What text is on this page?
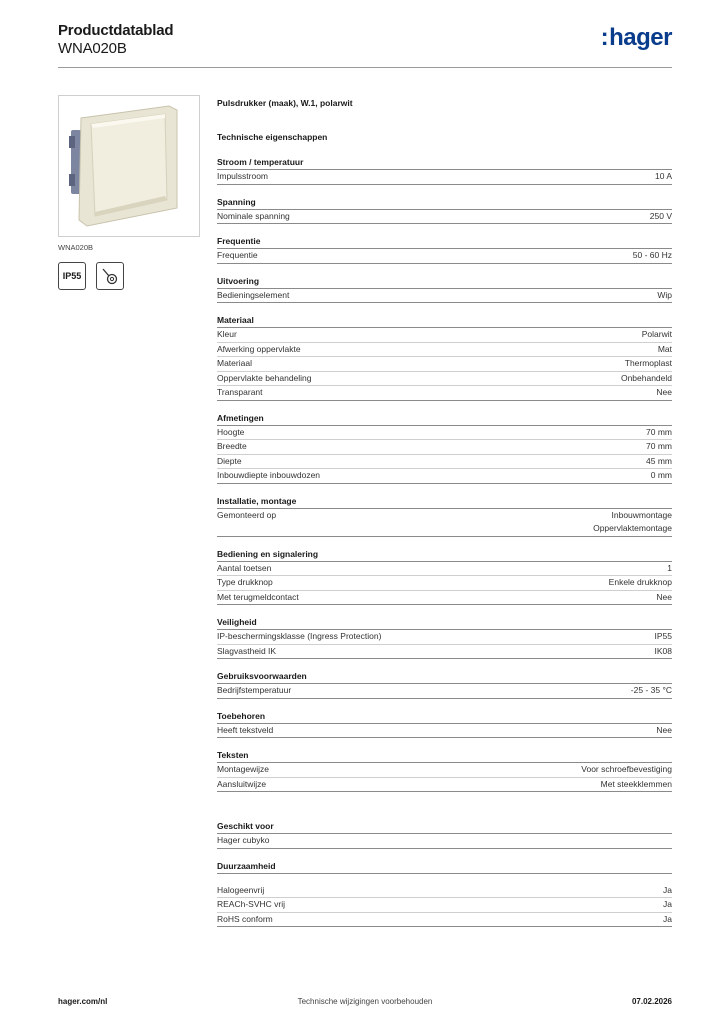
Productdatablad
WNA020B	:hager
WNA020B
IP55
Pulsdrukker (maak), W.1, polarwit
Technische eigenschappen
Stroom / temperatuur
Impulsstroom	10 A
Spanning
Nominale spanning	250 V
Frequentie
Frequentie	50 - 60 Hz
Uitvoering
Bedieningselement	Wip
Materiaal
Kleur	Polarwit
Afwerking oppervlakte	Mat
Materiaal	Thermoplast
Oppervlakte behandeling	Onbehandeld
Transparant	Nee
Afmetingen
Hoogte	70 mm
Breedte	70 mm
Diepte	45 mm
Inbouwdiepte inbouwdozen	0 mm
Installatie, montage
Gemonteerd op	Inbouwmontage
Oppervlaktemontage
Bediening en signalering
Aantal toetsen	1
Type drukknop	Enkele drukknop
Met terugmeldcontact	Nee
Veiligheid
IP-beschermingsklasse (Ingress Protection)	IP55
Slagvastheid IK	IK08
Gebruiksvoorwaarden
Bedrijfstemperatuur	-25 - 35 °C
Toebehoren
Heeft tekstveld	Nee
Teksten
Montagewijze	Voor schroefbevestiging
Aansluitwijze	Met steekklemmen
Geschikt voor
Hager cubyko
Duurzaamheid
Halogeenvrij	Ja
REACh-SVHC vrij	Ja
RoHS conform	Ja
hager.com/nl	Technische wijzigingen voorbehouden	07.02.2026
